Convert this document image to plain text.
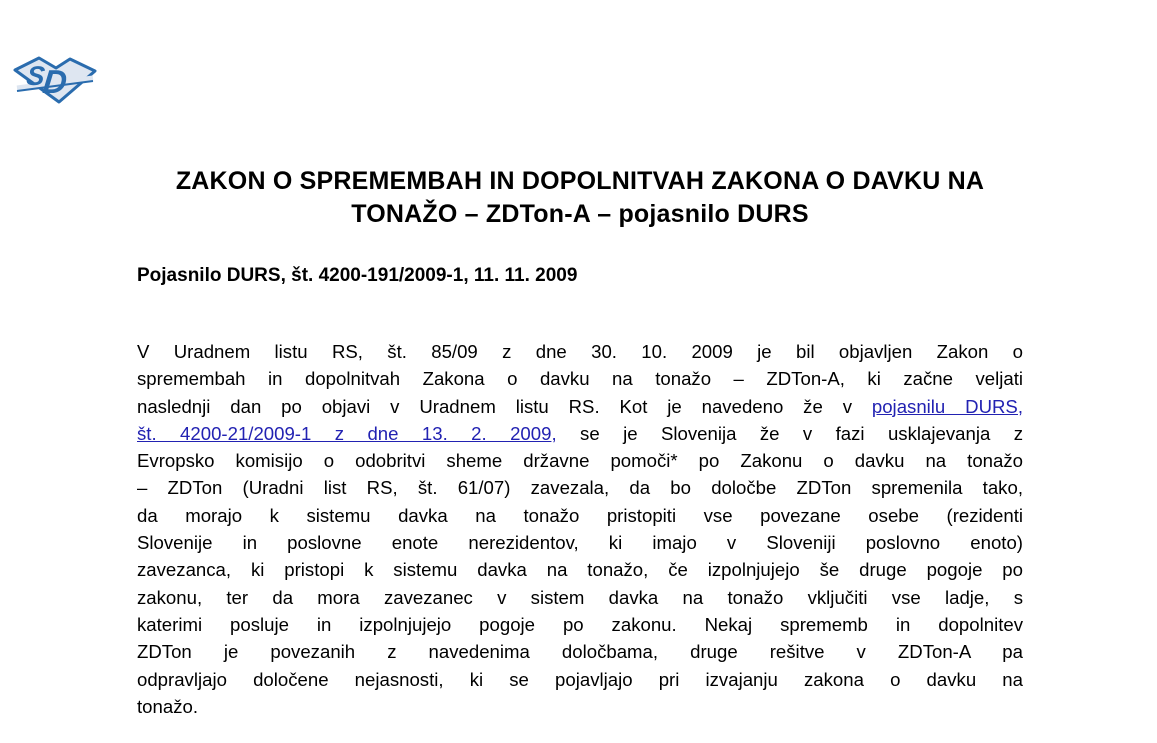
S
D
ZAKON O SPREMEMBAH IN DOPOLNITVAH ZAKONA O DAVKU NA
TONAŽO – ZDTon-A – pojasnilo DURS
Pojasnilo DURS, št. 4200-191/2009-1, 11. 11. 2009
V Uradnem listu RS, št. 85/09 z dne 30. 10. 2009 je bil objavljen Zakon o
spremembah in dopolnitvah Zakona o davku na tonažo – ZDTon-A, ki začne veljati
naslednji dan po objavi v Uradnem listu RS. Kot je navedeno že v pojasnilu DURS,
št. 4200-21/2009-1 z dne 13. 2. 2009, se je Slovenija že v fazi usklajevanja z
Evropsko komisijo o odobritvi sheme državne pomoči* po Zakonu o davku na tonažo
– ZDTon (Uradni list RS, št. 61/07) zavezala, da bo določbe ZDTon spremenila tako,
da morajo k sistemu davka na tonažo pristopiti vse povezane osebe (rezidenti
Slovenije in poslovne enote nerezidentov, ki imajo v Sloveniji poslovno enoto)
zavezanca, ki pristopi k sistemu davka na tonažo, če izpolnjujejo še druge pogoje po
zakonu, ter da mora zavezanec v sistem davka na tonažo vključiti vse ladje, s
katerimi posluje in izpolnjujejo pogoje po zakonu. Nekaj sprememb in dopolnitev
ZDTon je povezanih z navedenima določbama, druge rešitve v ZDTon-A pa
odpravljajo določene nejasnosti, ki se pojavljajo pri izvajanju zakona o davku na
tonažo.
